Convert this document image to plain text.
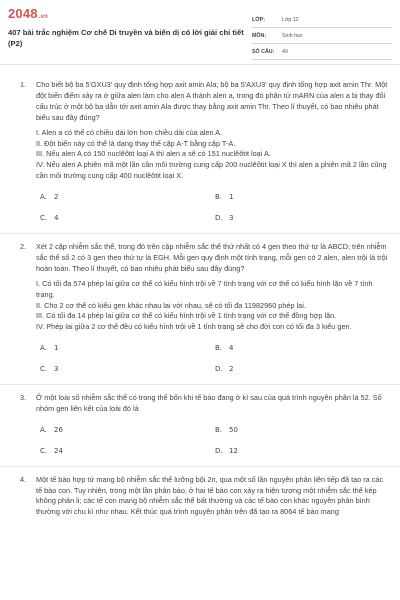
2048.vn
407 bài trắc nghiệm Cơ chế Di truyền và biến dị có lời giải chi tiết (P2)
LỚP:	Lớp 12
MÔN:	Sinh học
SỐ CÂU:	40
1. Cho biết bộ ba 5'GXU3' quy định tổng hợp axit amin Ala; bộ ba 5'AXU3' quy định tổng hợp axit amin Thr. Một đột biến điểm xảy ra ở giữa alen làm cho alen A thành alen a, trong đó phân tử mARN của alen a bị thay đổi cấu trúc ở một bộ ba dẫn tới axit amin Ala được thay bằng axit amin Thr. Theo lí thuyết, có bao nhiêu phát biểu sau đây đúng?

I. Alen a có thể có chiều dài lớn hơn chiều dài của alen A.

II. Đột biến này có thể là dạng thay thế cặp A-T bằng cặp T-A.

III. Nếu alen A có 150 nuclêôtit loại A thì alen a sẽ có 151 nuclêôtit loại A.

IV. Nếu alen A phiên mã một lần cần môi trường cung cấp 200 nuclêôtit loại X thì alen a phiên mã 2 lần cũng cần môi trường cung cấp 400 nuclêôtit loại X.

A. 2	B. 1
C. 4	D. 3
2. Xét 2 cặp nhiễm sắc thể, trong đó trên cặp nhiễm sắc thể thứ nhất có 4 gen theo thứ tự là ABCD; trên nhiễm sắc thể số 2 có 3 gen theo thứ tự là EGH. Mỗi gen quy định một tính trạng, mỗi gen có 2 alen, alen trội là trội hoàn toàn. Theo lí thuyết, có bao nhiêu phát biểu sau đây đúng?

I. Có tối đa 574 phép lai giữa cơ thể có kiểu hình trội về 7 tính trạng với cơ thể có kiểu hình lặn về 7 tính trạng.

II. Cho 2 cơ thể có kiểu gen khác nhau lai với nhau, sẽ có tối đa 11982960 phép lai.

III. Có tối đa 14 phép lai giữa cơ thể có kiểu hình trội về 1 tính trạng với cơ thể đồng hợp lặn.

IV. Phép lai giữa 2 cơ thể đều có kiểu hình trội về 1 tính trạng sẽ cho đời con có tối đa 3 kiểu gen.

A. 1	B. 4
C. 3	D. 2
3. Ở một loài số nhiễm sắc thể có trong thể bốn khi tế bào đang ở kì sau của quá trình nguyên phân là 52. Số nhóm gen liên kết của loài đó là

A. 26	B. 50
C. 24	D. 12
4. Một tế bào hợp tử mang bộ nhiễm sắc thể lưỡng bội 2n, qua một số lần nguyên phân liên tiếp đã tạo ra các tế bào con. Tuy nhiên, trong một lần phân bào, ở hai tế bào con xảy ra hiện tượng một nhiễm sắc thể kép không phân li; các tế con mang bộ nhiễm sắc thể bất thường và các tế bào con khác nguyên phân bình thường với chu kì như nhau. Kết thúc quá trình nguyên phân trên đã tạo ra 8064 tế bào mang
